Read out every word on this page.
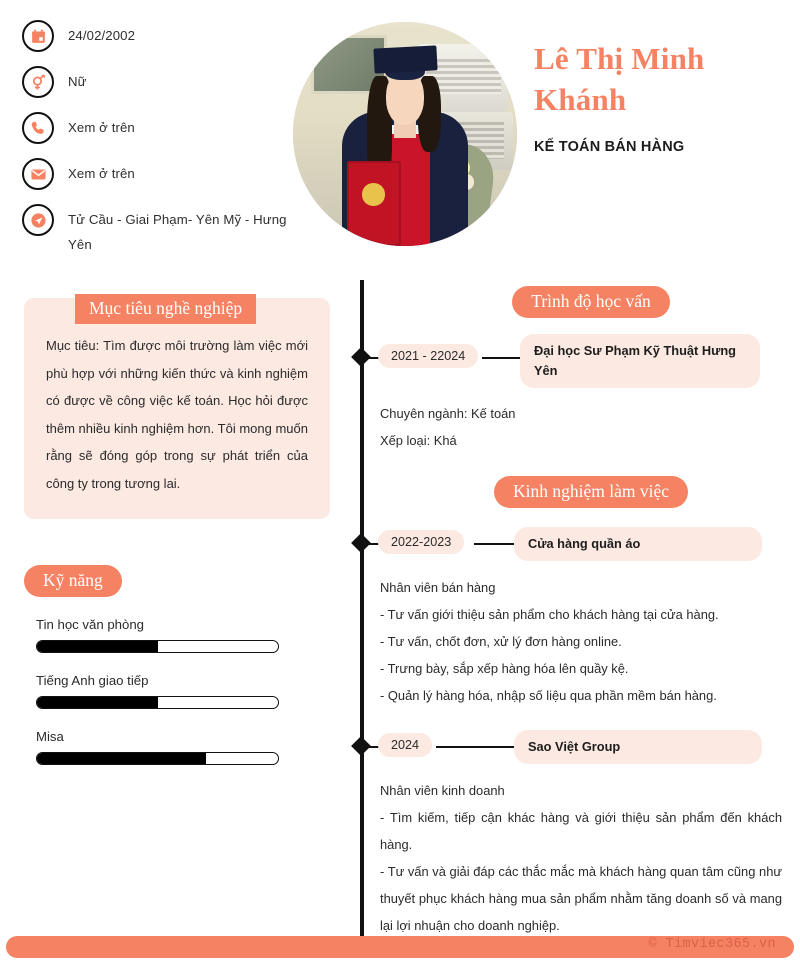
24/02/2002
Nữ
Xem ở trên
Xem ở trên
Tử Cầu - Giai Phạm- Yên Mỹ - Hưng Yên
Lê Thị Minh Khánh
KẾ TOÁN BÁN HÀNG
Mục tiêu: Tìm được môi trường làm việc mới phù hợp với những kiến thức và kinh nghiệm có được về công việc kế toán. Học hỏi được thêm nhiều kinh nghiệm hơn. Tôi mong muốn rằng sẽ đóng góp trong sự phát triển của công ty trong tương lai.
Mục tiêu nghề nghiệp
Kỹ năng
Tin học văn phòng
Tiếng Anh giao tiếp
Misa
Trình độ học vấn
2021 - 22024	Đại học Sư Phạm Kỹ Thuật Hưng Yên
Chuyên ngành: Kế toán
Xếp loại: Khá
Kinh nghiệm làm việc
2022-2023	Cửa hàng quần áo
Nhân viên bán hàng
- Tư vấn giới thiệu sản phẩm cho khách hàng tại cửa hàng.
- Tư vấn, chốt đơn, xử lý đơn hàng online.
- Trưng bày, sắp xếp hàng hóa lên quầy kệ.
- Quản lý hàng hóa, nhập số liệu qua phần mềm bán hàng.
2024	Sao Việt Group
Nhân viên kinh doanh
- Tìm kiếm, tiếp cận khác hàng và giới thiệu sản phẩm đến khách hàng.
- Tư vấn và giải đáp các thắc mắc mà khách hàng quan tâm cũng như thuyết phục khách hàng mua sản phẩm nhằm tăng doanh số và mang lại lợi nhuận cho doanh nghiệp.
© Timviec365.vn
